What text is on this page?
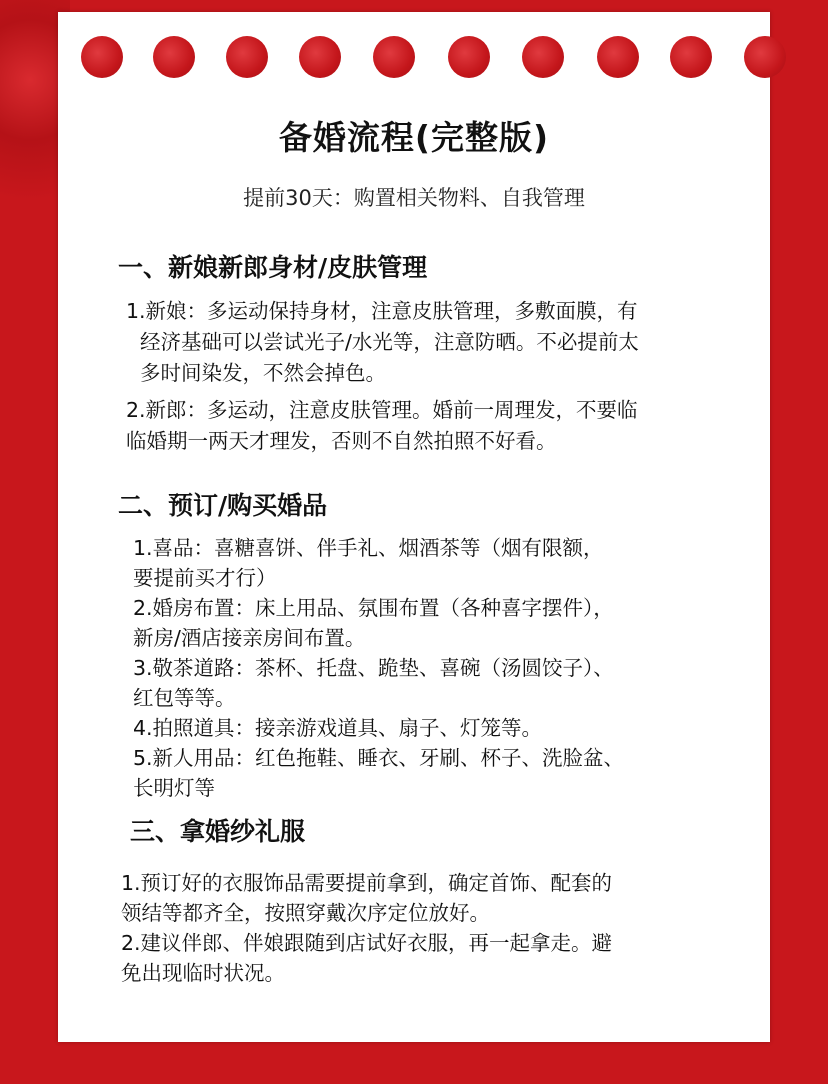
备婚流程(完整版)

提前30天：购置相关物料、自我管理

一、新娘新郎身材/皮肤管理

1.新娘：多运动保持身材，注意皮肤管理，多敷面膜，有

经济基础可以尝试光子/水光等，注意防晒。不必提前太

多时间染发，不然会掉色。

2.新郎：多运动，注意皮肤管理。婚前一周理发，不要临

临婚期一两天才理发，否则不自然拍照不好看。

二、预订/购买婚品

1.喜品：喜糖喜饼、伴手礼、烟酒茶等（烟有限额，

要提前买才行）

2.婚房布置：床上用品、氛围布置（各种喜字摆件），

新房/酒店接亲房间布置。

3.敬茶道路：茶杯、托盘、跪垫、喜碗（汤圆饺子）、

红包等等。

4.拍照道具：接亲游戏道具、扇子、灯笼等。

5.新人用品：红色拖鞋、睡衣、牙刷、杯子、洗脸盆、

长明灯等

三、拿婚纱礼服

1.预订好的衣服饰品需要提前拿到，确定首饰、配套的

领结等都齐全，按照穿戴次序定位放好。

2.建议伴郎、伴娘跟随到店试好衣服，再一起拿走。避

免出现临时状况。
